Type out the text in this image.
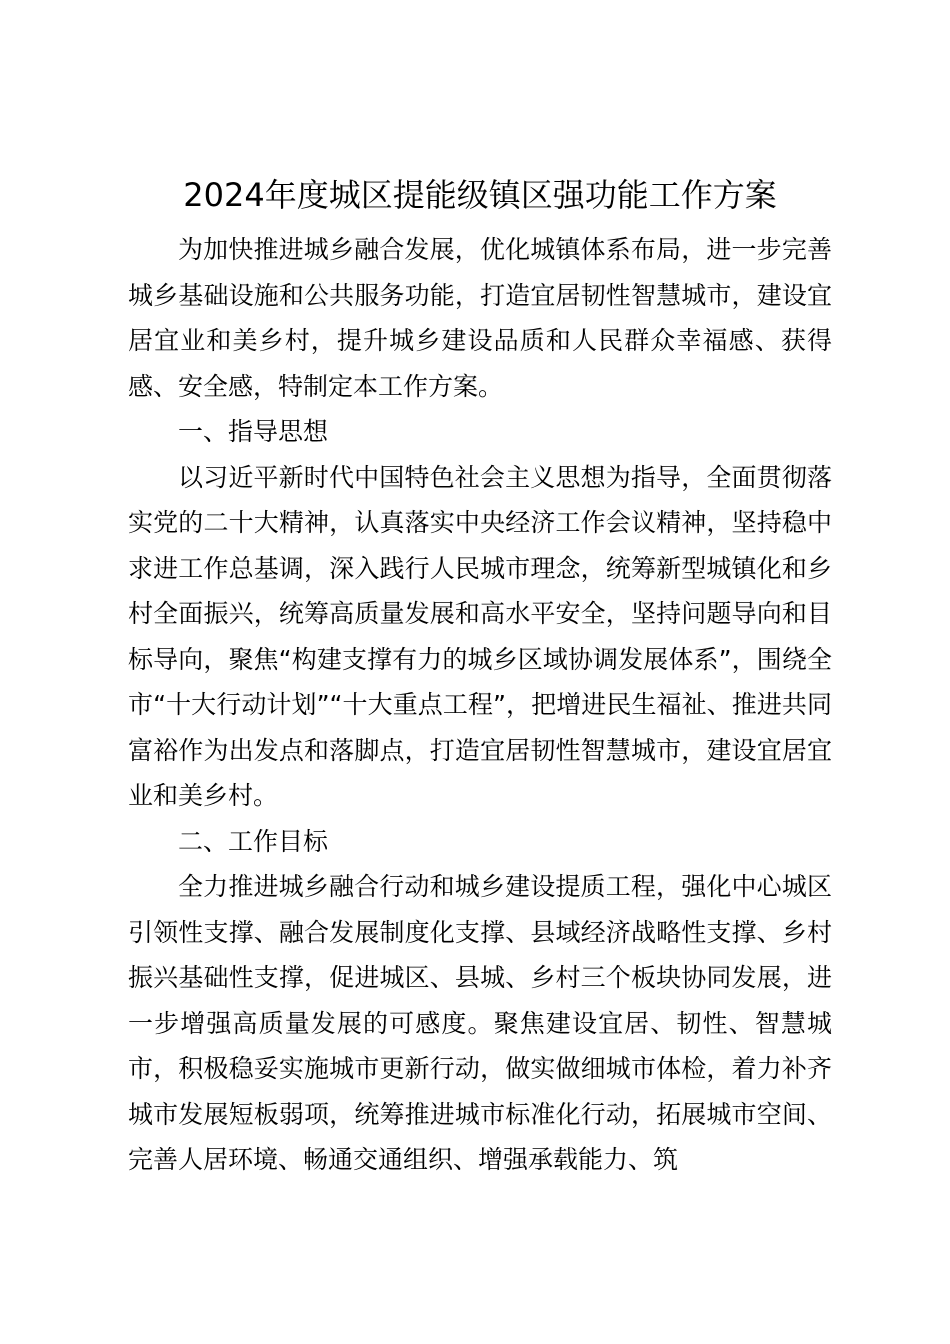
2024年度城区提能级镇区强功能工作方案

为加快推进城乡融合发展，优化城镇体系布局，进一步完善城乡基础设施和公共服务功能，打造宜居韧性智慧城市，建设宜居宜业和美乡村，提升城乡建设品质和人民群众幸福感、获得感、安全感，特制定本工作方案。

一、指导思想

以习近平新时代中国特色社会主义思想为指导，全面贯彻落实党的二十大精神，认真落实中央经济工作会议精神，坚持稳中求进工作总基调，深入践行人民城市理念，统筹新型城镇化和乡村全面振兴，统筹高质量发展和高水平安全，坚持问题导向和目标导向，聚焦“构建支撑有力的城乡区域协调发展体系”，围绕全市“十大行动计划”“十大重点工程”，把增进民生福祉、推进共同富裕作为出发点和落脚点，打造宜居韧性智慧城市，建设宜居宜业和美乡村。

二、工作目标

全力推进城乡融合行动和城乡建设提质工程，强化中心城区引领性支撑、融合发展制度化支撑、县域经济战略性支撑、乡村振兴基础性支撑，促进城区、县城、乡村三个板块协同发展，进一步增强高质量发展的可感度。聚焦建设宜居、韧性、智慧城市，积极稳妥实施城市更新行动，做实做细城市体检，着力补齐城市发展短板弱项，统筹推进城市标准化行动，拓展城市空间、完善人居环境、畅通交通组织、增强承载能力、筑
